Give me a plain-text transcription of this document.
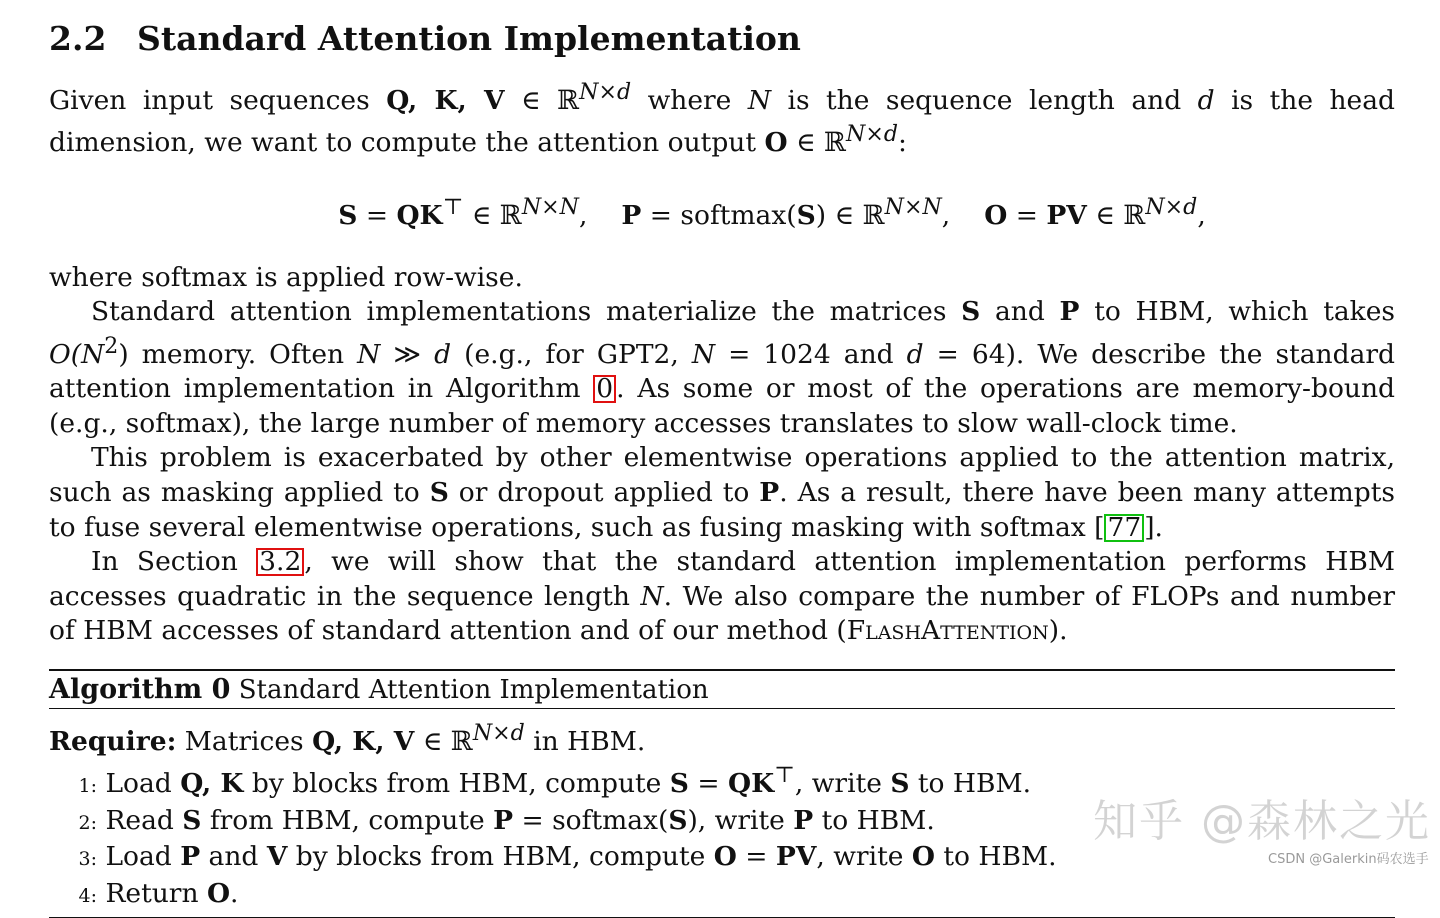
2.2 Standard Attention Implementation

Given input sequences Q, K, V ∈ ℝ$^{N\times d}$ where N is the sequence length and d is the head dimension, we want to compute the attention output O ∈ ℝ$^{N\times d}$:

S = QK⊤ ∈ ℝ$^{N\times N}$, P = softmax(S) ∈ ℝ$^{N\times N}$, O = PV ∈ ℝ$^{N\times d}$,

where softmax is applied row-wise.

Standard attention implementations materialize the matrices S and P to HBM, which takes $O(N^2)$ memory. Often N ≫ d (e.g., for GPT2, N = 1024 and d = 64). We describe the standard attention implementation in Algorithm 0 . As some or most of the operations are memory-bound (e.g., softmax), the large number of memory accesses translates to slow wall-clock time.

This problem is exacerbated by other elementwise operations applied to the attention matrix, such as masking applied to S or dropout applied to P. As a result, there have been many attempts to fuse several elementwise operations, such as fusing masking with softmax [ 77 ].

In Section 3.2 , we will show that the standard attention implementation performs HBM accesses quadratic in the sequence length N. We also compare the number of FLOPs and number of HBM accesses of standard attention and of our method (FlashAttention).

Algorithm 0 Standard Attention Implementation
Require: Matrices Q, K, V ∈ ℝ$^{N\times d}$ in HBM.
1: Load Q, K by blocks from HBM, compute S = QK⊤, write S to HBM.
2: Read S from HBM, compute P = softmax(S), write P to HBM.
3: Load P and V by blocks from HBM, compute O = PV, write O to HBM.
4: Return O.
知乎 @森林之光
CSDN @Galerkin码农选手
